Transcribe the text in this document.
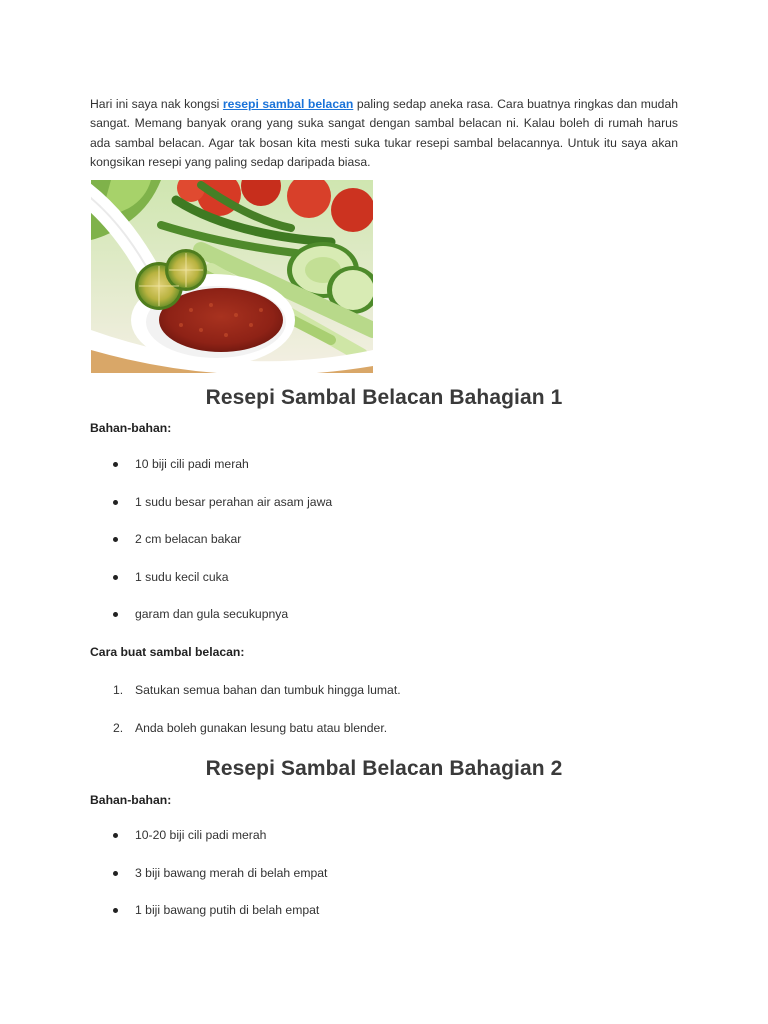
Hari ini saya nak kongsi resepi sambal belacan paling sedap aneka rasa. Cara buatnya ringkas dan mudah sangat. Memang banyak orang yang suka sangat dengan sambal belacan ni. Kalau boleh di rumah harus ada sambal belacan. Agar tak bosan kita mesti suka tukar resepi sambal belacannya. Untuk itu saya akan kongsikan resepi yang paling sedap daripada biasa.

Resepi Sambal Belacan Bahagian 1

Bahan-bahan:

10 biji cili padi merah
1 sudu besar perahan air asam jawa
2 cm belacan bakar
1 sudu kecil cuka
garam dan gula secukupnya

Cara buat sambal belacan:

1. Satukan semua bahan dan tumbuk hingga lumat.
2. Anda boleh gunakan lesung batu atau blender.
Resepi Sambal Belacan Bahagian 2

Bahan-bahan:

10-20 biji cili padi merah
3 biji bawang merah di belah empat
1 biji bawang putih di belah empat
